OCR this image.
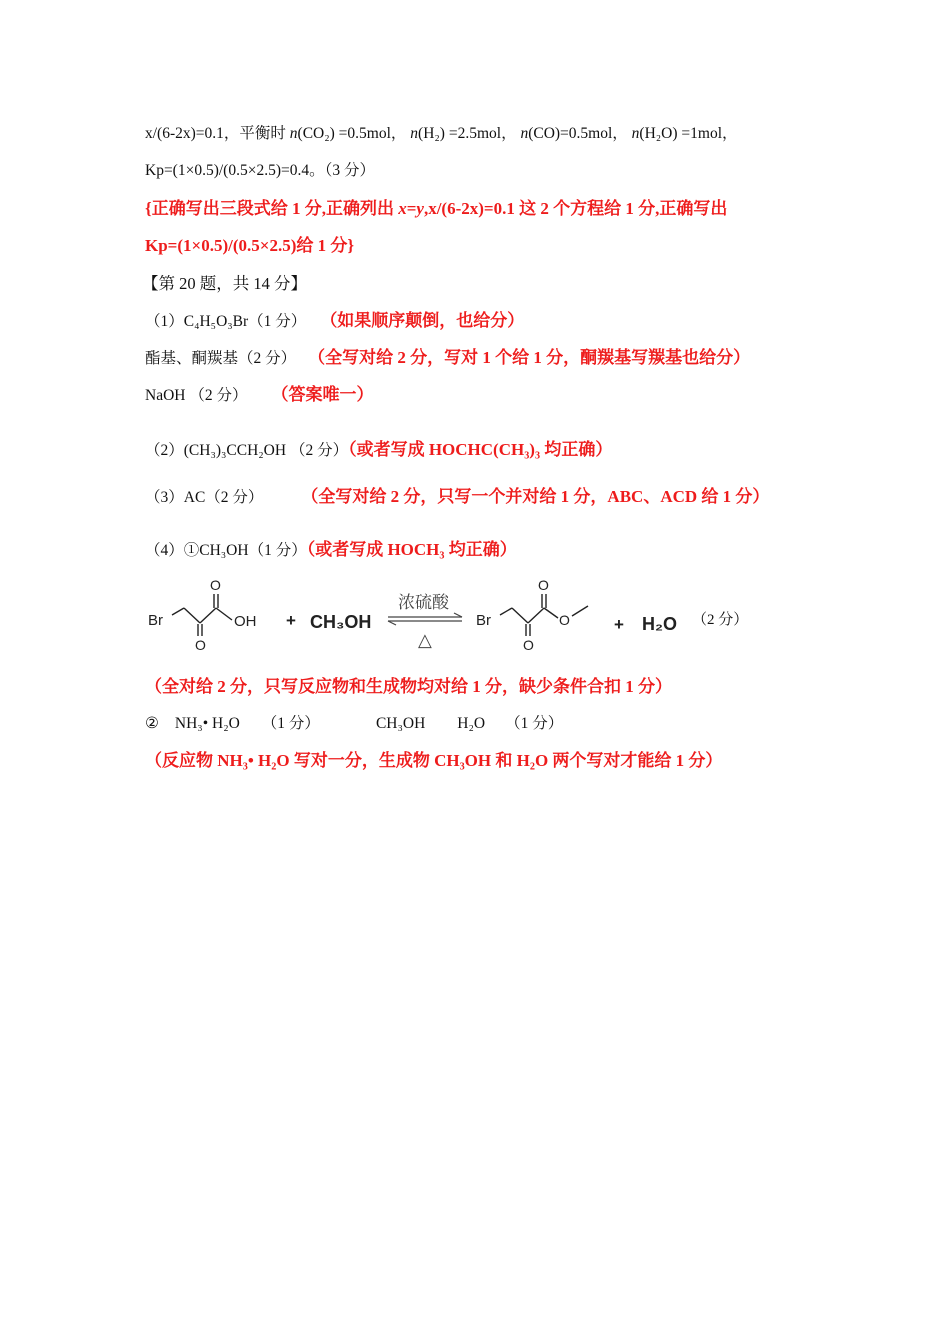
x/(6-2x)=0.1，平衡时 n(CO₂) =0.5mol， n(H₂) =2.5mol， n(CO)=0.5mol， n(H₂O) =1mol，
Kp=(1×0.5)/(0.5×2.5)=0.4。（3 分）
{正确写出三段式给 1 分,正确列出 x=y,x/(6-2x)=0.1 这 2 个方程给 1 分,正确写出
Kp=(1×0.5)/(0.5×2.5)给 1 分}
【第 20 题，共 14 分】
（1）C₄H₅O₃Br（1 分） （如果顺序颠倒，也给分）
酯基、酮羰基（2 分） （全写对给 2 分，写对 1 个给 1 分，酮羰基写羰基也给分）
NaOH （2 分） （答案唯一）
（2）(CH₃)₃CCH₂OH （2 分）（或者写成 HOCHC(CH₃)₃ 均正确）
（3）AC（2 分） （全写对给 2 分，只写一个并对给 1 分，ABC、ACD 给 1 分）
（4）①CH₃OH（1 分）（或者写成 HOCH₃ 均正确）
Br
O
OH
O
+ CH₃OH
浓硫酸
△
Br
O
O
O
+ H₂O （2 分）
（全对给 2 分，只写反应物和生成物均对给 1 分，缺少条件合扣 1 分）
② NH₃• H₂O （1 分）	CH₃OH H₂O （1 分）
（反应物 NH₃• H₂O 写对一分，生成物 CH₃OH 和 H₂O 两个写对才能给 1 分）
